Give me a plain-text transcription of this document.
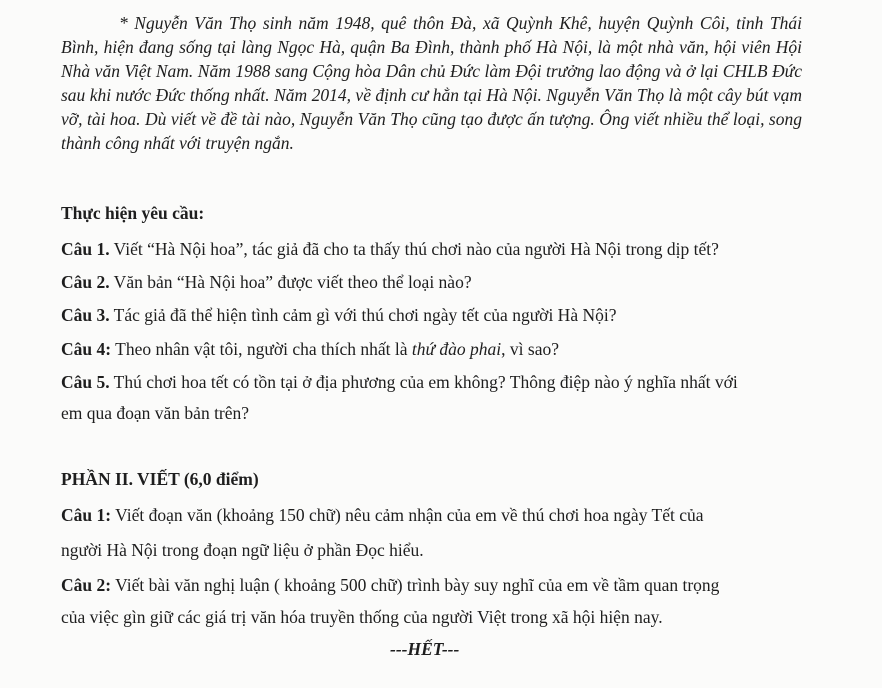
* Nguyễn Văn Thọ sinh năm 1948, quê thôn Đà, xã Quỳnh Khê, huyện Quỳnh Côi, tỉnh Thái Bình, hiện đang sống tại làng Ngọc Hà, quận Ba Đình, thành phố Hà Nội, là một nhà văn, hội viên Hội Nhà văn Việt Nam. Năm 1988 sang Cộng hòa Dân chủ Đức làm Đội trưởng lao động và ở lại CHLB Đức sau khi nước Đức thống nhất. Năm 2014, về định cư hẳn tại Hà Nội. Nguyễn Văn Thọ là một cây bút vạm vỡ, tài hoa. Dù viết về đề tài nào, Nguyễn Văn Thọ cũng tạo được ấn tượng. Ông viết nhiều thể loại, song thành công nhất với truyện ngắn.

Thực hiện yêu cầu:

Câu 1. Viết “Hà Nội hoa”, tác giả đã cho ta thấy thú chơi nào của người Hà Nội trong dịp tết?

Câu 2. Văn bản “Hà Nội hoa” được viết theo thể loại nào?

Câu 3. Tác giả đã thể hiện tình cảm gì với thú chơi ngày tết của người Hà Nội?

Câu 4: Theo nhân vật tôi, người cha thích nhất là thứ đào phai, vì sao?

Câu 5. Thú chơi hoa tết có tồn tại ở địa phương của em không? Thông điệp nào ý nghĩa nhất với

em qua đoạn văn bản trên?

PHẦN II. VIẾT (6,0 điểm)

Câu 1: Viết đoạn văn (khoảng 150 chữ) nêu cảm nhận của em về thú chơi hoa ngày Tết của

người Hà Nội trong đoạn ngữ liệu ở phần Đọc hiểu.

Câu 2: Viết bài văn nghị luận ( khoảng 500 chữ) trình bày suy nghĩ của em về tầm quan trọng

của việc gìn giữ các giá trị văn hóa truyền thống của người Việt trong xã hội hiện nay.

---HẾT---
